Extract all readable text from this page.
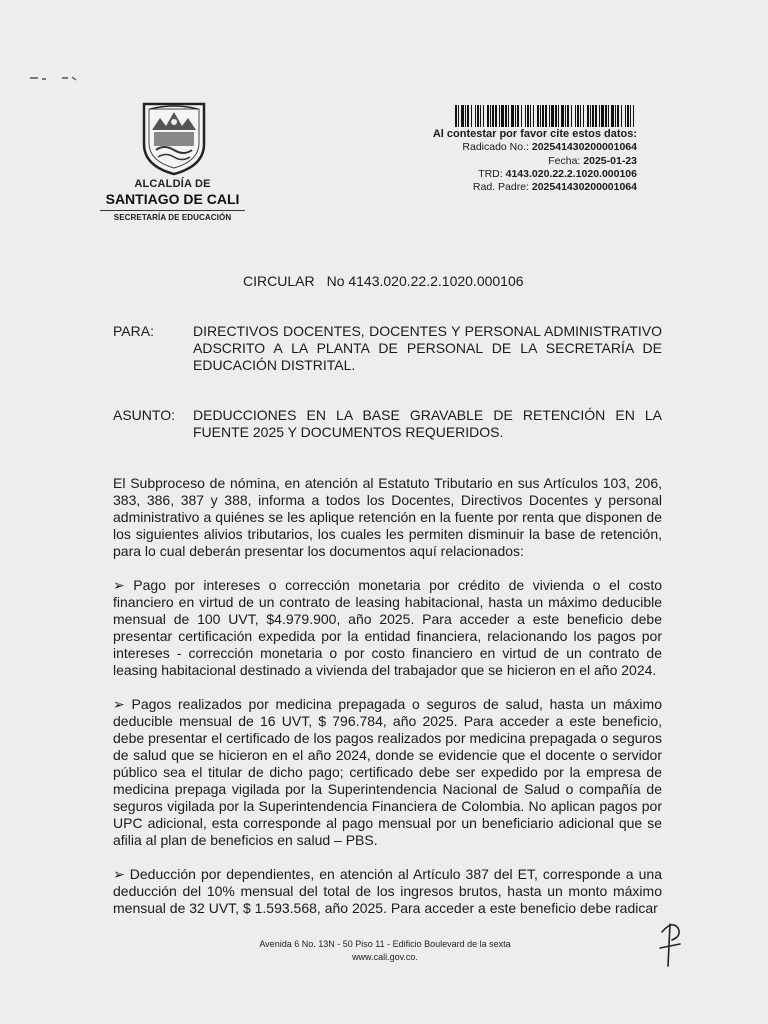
ALCALDÍA DE
SANTIAGO DE CALI
SECRETARÍA DE EDUCACIÓN
Al contestar por favor cite estos datos:
Radicado No.: 202541430200001064
Fecha: 2025-01-23
TRD: 4143.020.22.2.1020.000106
Rad. Padre: 202541430200001064
CIRCULAR No 4143.020.22.2.1020.000106
PARA:	DIRECTIVOS DOCENTES, DOCENTES Y PERSONAL ADMINISTRATIVO ADSCRITO A LA PLANTA DE PERSONAL DE LA SECRETARÍA DE EDUCACIÓN DISTRITAL.
ASUNTO: DEDUCCIONES EN LA BASE GRAVABLE DE RETENCIÓN EN LA FUENTE 2025 Y DOCUMENTOS REQUERIDOS.

El Subproceso de nómina, en atención al Estatuto Tributario en sus Artículos 103, 206, 383, 386, 387 y 388, informa a todos los Docentes, Directivos Docentes y personal administrativo a quiénes se les aplique retención en la fuente por renta que disponen de los siguientes alivios tributarios, los cuales les permiten disminuir la base de retención, para lo cual deberán presentar los documentos aquí relacionados:

➢ Pago por intereses o corrección monetaria por crédito de vivienda o el costo financiero en virtud de un contrato de leasing habitacional, hasta un máximo deducible mensual de 100 UVT, $4.979.900, año 2025. Para acceder a este beneficio debe presentar certificación expedida por la entidad financiera, relacionando los pagos por intereses - corrección monetaria o por costo financiero en virtud de un contrato de leasing habitacional destinado a vivienda del trabajador que se hicieron en el año 2024.

➢ Pagos realizados por medicina prepagada o seguros de salud, hasta un máximo deducible mensual de 16 UVT, $ 796.784, año 2025. Para acceder a este beneficio, debe presentar el certificado de los pagos realizados por medicina prepagada o seguros de salud que se hicieron en el año 2024, donde se evidencie que el docente o servidor público sea el titular de dicho pago; certificado debe ser expedido por la empresa de medicina prepaga vigilada por la Superintendencia Nacional de Salud o compañía de seguros vigilada por la Superintendencia Financiera de Colombia. No aplican pagos por UPC adicional, esta corresponde al pago mensual por un beneficiario adicional que se afilia al plan de beneficios en salud – PBS.

➢ Deducción por dependientes, en atención al Artículo 387 del ET, corresponde a una deducción del 10% mensual del total de los ingresos brutos, hasta un monto máximo mensual de 32 UVT, $ 1.593.568, año 2025. Para acceder a este beneficio debe radicar

Avenida 6 No. 13N - 50 Piso 11 - Edificio Boulevard de la sexta
www.cali.gov.co.
